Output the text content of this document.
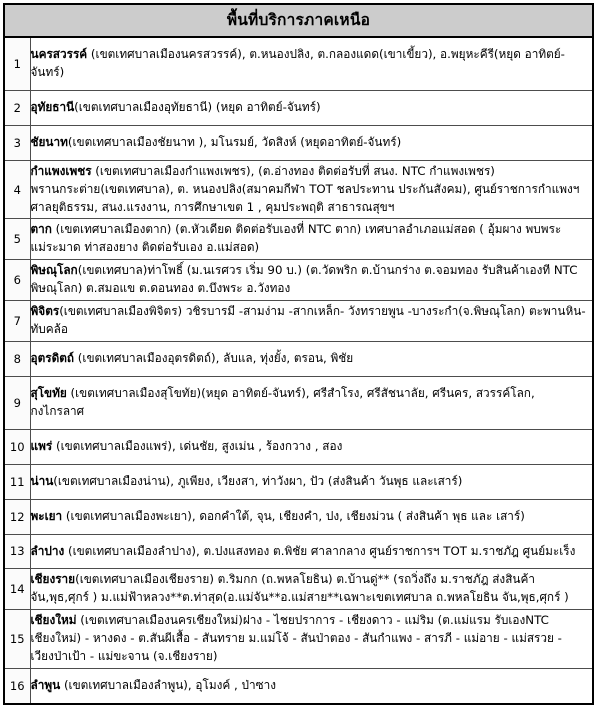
พื้นที่บริการภาคเหนือ	
1	นครสวรรค์ (เขตเทศบาลเมืองนครสวรรค์), ต.หนองปลิง, ต.กลองแดด(เขาเขี้ยว), อ.พยุหะคีรี(หยุด อาทิตย์-จันทร์)
2	อุทัยธานี(เขตเทศบาลเมืองอุทัยธานี) (หยุด อาทิตย์-จันทร์)
3	ชัยนาท(เขตเทศบาลเมืองชัยนาท ), มโนรมย์, วัดสิงห์ (หยุดอาทิตย์-จันทร์)
4	กำแพงเพชร (เขตเทศบาลเมืองกำแพงเพชร), (ต.อ่างทอง ติดต่อรับที่ สนง. NTC กำแพงเพชร) พรานกระต่าย(เขตเทศบาล), ต. หนองปลิง(สมาคมกีฬา TOT ชลประทาน ประกันสังคม), ศูนย์ราชการกำแพงฯ ศาลยุติธรรม, สนง.แรงงาน, การศึกษาเขต 1 , คุมประพฤติ สาธารณสุขฯ
5	ตาก (เขตเทศบาลเมืองตาก) (ต.หัวเดียด ติดต่อรับเองที่ NTC ตาก) เทศบาลอำเภอแม่สอด ( อุ้มผาง พบพระ แม่ระมาด ท่าสองยาง ติดต่อรับเอง อ.แม่สอด)
6	พิษณุโลก(เขตเทศบาล)ท่าโพธิ์ (ม.นเรศวร เริ่ม 90 บ.) (ต.วัดพริก ต.บ้านกร่าง ต.จอมทอง รับสินค้าเองที NTC พิษณุโลก) ต.สมอแข ต.ดอนทอง ต.บึงพระ อ.วังทอง
7	พิจิตร(เขตเทศบาลเมืองพิจิตร) วชิรบารมี -สามง่าม -สากเหล็ก- วังทรายพูน -บางระกำ(จ.พิษณุโลก) ตะพานหิน-ทับคล้อ
8	อุตรดิตถ์ (เขตเทศบาลเมืองอุตรดิตถ์), ลับแล, ทุ่งยั้ง, ตรอน, พิชัย
9	สุโขทัย (เขตเทศบาลเมืองสุโขทัย)(หยุด อาทิตย์-จันทร์), ศรีสำโรง, ศรีสัชนาลัย, ศรีนคร, สวรรค์โลก, กงไกรลาศ
10	แพร่ (เขตเทศบาลเมืองแพร่), เด่นชัย, สูงเม่น , ร้องกวาง , สอง
11	น่าน(เขตเทศบาลเมืองน่าน), ภูเพียง, เวียงสา, ท่าวังผา, ปัว (ส่งสินค้า วันพุธ และเสาร์)
12	พะเยา (เขตเทศบาลเมืองพะเยา), ดอกคำใต้, จุน, เชียงคำ, ปง, เชียงม่วน ( ส่งสินค้า พุธ และ เสาร์)
13	ลำปาง (เขตเทศบาลเมืองลำปาง), ต.ปงแสงทอง ต.พิชัย ศาลากลาง ศูนย์ราชการฯ TOT ม.ราชภัฎ ศูนย์มะเร็ง
14	เชียงราย(เขตเทศบาลเมืองเชียงราย) ต.ริมกก (ถ.พหลโยธิน) ต.บ้านดู่** (รถวิ่งถึง ม.ราชภัฎ ส่งสินค้า จัน,พุธ,ศุกร์ ) ม.แม่ฟ้าหลวง**ต.ท่าสุด(อ.แม่จัน**อ.แม่สาย**เฉพาะเขตเทศบาล ถ.พหลโยธิน จัน,พุธ,ศุกร์ )
15	เชียงใหม่ (เขตเทศบาลเมืองนครเชียงใหม่)ฝาง - ไชยปราการ - เชียงดาว - แม่ริม (ต.แม่แรม รับเองNTC เชียงใหม่) - หางดง - ต.สันผีเสื้อ - สันทราย ม.แม่โจ้ - สันป่าตอง - สันกำแพง - สารภี - แม่อาย - แม่สรวย - เวียงป่าเป้า - แม่ขะจาน (จ.เชียงราย)
16	ลำพูน (เขตเทศบาลเมืองลำพูน), อุโมงค์ , ป่าซาง
